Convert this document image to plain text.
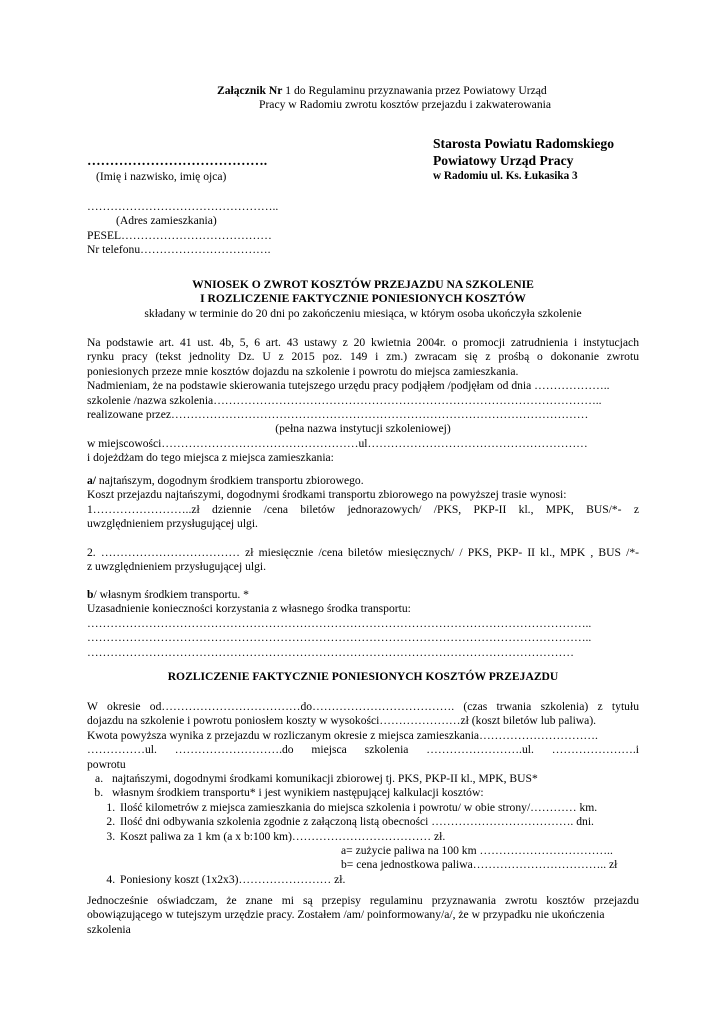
Załącznik Nr 1 do Regulaminu przyznawania przez Powiatowy Urząd
Pracy w Radomiu zwrotu kosztów przejazdu i zakwaterowania
Starosta Powiatu Radomskiego
Powiatowy Urząd Pracy
w Radomiu ul. Ks. Łukasika 3
………………………………….
(Imię i nazwisko, imię ojca)
…………………………………………..
(Adres zamieszkania)
PESEL…………………………………
Nr telefonu…………………………….
WNIOSEK O ZWROT KOSZTÓW PRZEJAZDU NA SZKOLENIE
I ROZLICZENIE FAKTYCZNIE PONIESIONYCH KOSZTÓW
składany w terminie do 20 dni po zakończeniu miesiąca, w którym osoba ukończyła szkolenie
Na podstawie art. 41 ust. 4b, 5, 6 art. 43 ustawy z 20 kwietnia 2004r. o promocji zatrudnienia i instytucjach
rynku pracy (tekst jednolity Dz. U z 2015 poz. 149 i zm.) zwracam się z prośbą o dokonanie zwrotu
poniesionych przeze mnie kosztów dojazdu na szkolenie i powrotu do miejsca zamieszkania.
Nadmieniam, że na podstawie skierowania tutejszego urzędu pracy podjąłem /podjęłam od dnia ………………..
szkolenie /nazwa szkolenia………………………………………………………………………………………..
realizowane przez………………………………………………………………………………………………
(pełna nazwa instytucji szkoleniowej)
w miejscowości……………………………………………ul…………………………………………………
i dojeżdżam do tego miejsca z miejsca zamieszkania:
a/ najtańszym, dogodnym środkiem transportu zbiorowego.
Koszt przejazdu najtańszymi, dogodnymi środkami transportu zbiorowego na powyższej trasie wynosi:
1……………………..zł dziennie /cena biletów jednorazowych/ /PKS, PKP-II kl., MPK, BUS/*- z
uwzględnieniem przysługującej ulgi.
2. ……………………………… zł miesięcznie /cena biletów miesięcznych/ / PKS, PKP- II kl., MPK , BUS /*-
z uwzględnieniem przysługującej ulgi.
b/ własnym środkiem transportu. *
Uzasadnienie konieczności korzystania z własnego środka transportu:
…………………………………………………………………………………………………………………..
…………………………………………………………………………………………………………………..
………………………………………………………………………………………………………………
ROZLICZENIE FAKTYCZNIE PONIESIONYCH KOSZTÓW PRZEJAZDU
W okresie od………………………………do………………………………. (czas trwania szkolenia) z tytułu
dojazdu na szkolenie i powrotu poniosłem koszty w wysokości…………………zł (koszt biletów lub paliwa).
Kwota powyższa wynika z przejazdu w rozliczanym okresie z miejsca zamieszkania………………………….
……………ul. ……………………….do miejsca szkolenia …………………….ul. ………………….i
powrotu
a. najtańszymi, dogodnymi środkami komunikacji zbiorowej tj. PKS, PKP-II kl., MPK, BUS*
b. własnym środkiem transportu* i jest wynikiem następującej kalkulacji kosztów:
1. Ilość kilometrów z miejsca zamieszkania do miejsca szkolenia i powrotu/ w obie strony/………… km.
2. Ilość dni odbywania szkolenia zgodnie z załączoną listą obecności ………………………………. dni.
3. Koszt paliwa za 1 km (a x b:100 km)……………………………… zł.
a= zużycie paliwa na 100 km ……………………………..
b= cena jednostkowa paliwa…………………………….. zł
4. Poniesiony koszt (1x2x3)…………………… zł.
Jednocześnie oświadczam, że znane mi są przepisy regulaminu przyznawania zwrotu kosztów przejazdu
obowiązującego w tutejszym urzędzie pracy. Zostałem /am/ poinformowany/a/, że w przypadku nie ukończenia
szkolenia
